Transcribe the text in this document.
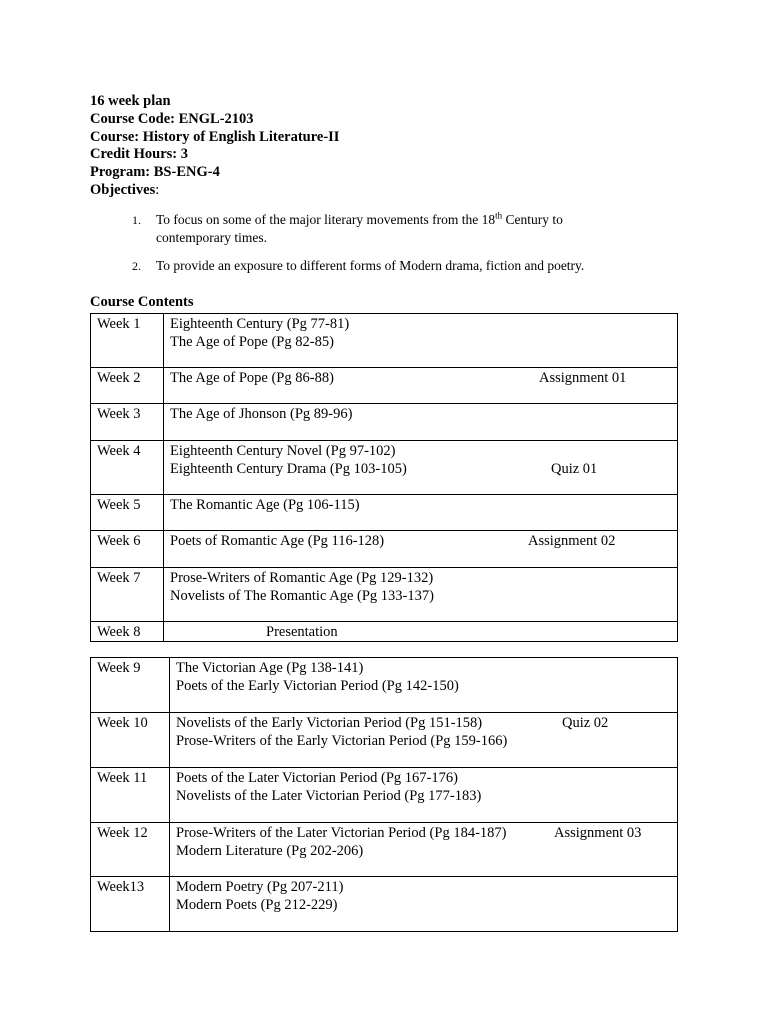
16 week plan
Course Code: ENGL-2103
Course: History of English Literature-II
Credit Hours: 3
Program: BS-ENG-4
Objectives:
1. To focus on some of the major literary movements from the 18th Century to
contemporary times.
2. To provide an exposure to different forms of Modern drama, fiction and poetry.
Course Contents
Week 1	Eighteenth Century (Pg 77-81)
The Age of Pope (Pg 82-85)

Week 2	The Age of Pope (Pg 86-88) Assignment 01

Week 3	The Age of Jhonson (Pg 89-96)

Week 4	Eighteenth Century Novel (Pg 97-102)
Eighteenth Century Drama (Pg 103-105) Quiz 01

Week 5	The Romantic Age (Pg 106-115)

Week 6	Poets of Romantic Age (Pg 116-128) Assignment 02

Week 7	Prose-Writers of Romantic Age (Pg 129-132)
Novelists of The Romantic Age (Pg 133-137)

Week 8	Presentation
Week 9	The Victorian Age (Pg 138-141)
Poets of the Early Victorian Period (Pg 142-150)

Week 10	Novelists of the Early Victorian Period (Pg 151-158)
Prose-Writers of the Early Victorian Period (Pg 159-166)
Quiz 02

Week 11	Poets of the Later Victorian Period (Pg 167-176)
Novelists of the Later Victorian Period (Pg 177-183)

Week 12	Prose-Writers of the Later Victorian Period (Pg 184-187)
Modern Literature (Pg 202-206)
Assignment 03

Week13	Modern Poetry (Pg 207-211)
Modern Poets (Pg 212-229)
